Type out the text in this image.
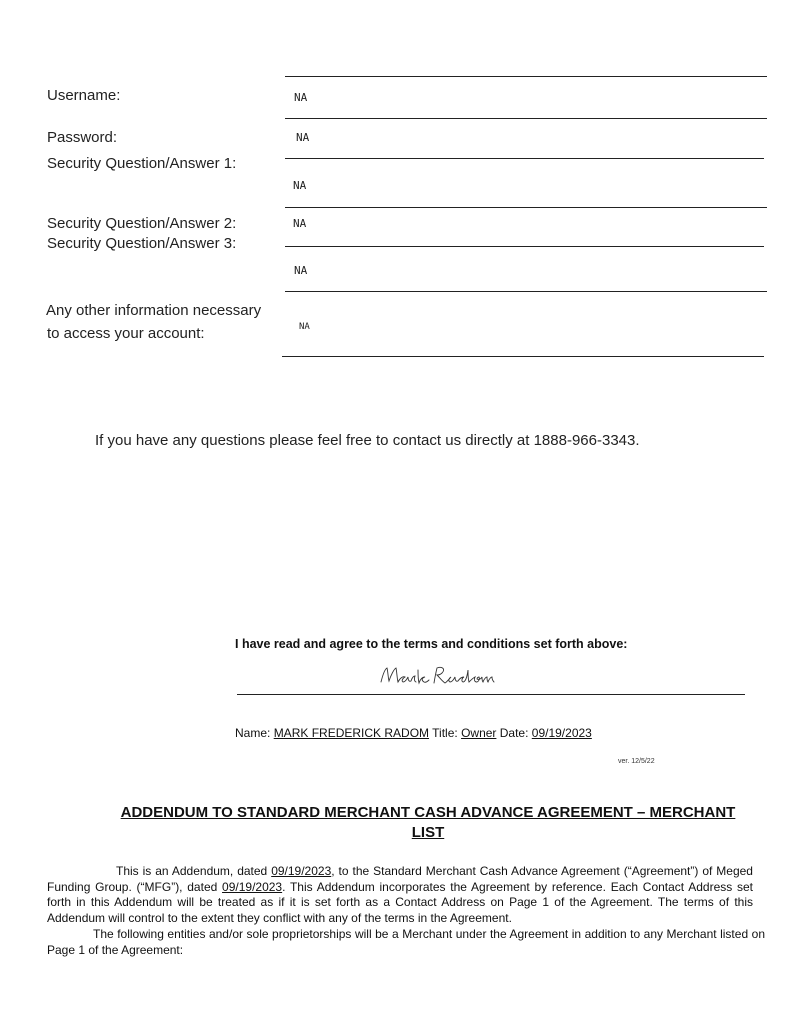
Username:	NA
Password:	NA
Security Question/Answer 1:
NA
Security Question/Answer 2:	NA
Security Question/Answer 3:
NA
Any other information necessary
to access your account:	NA
If you have any questions please feel free to contact us directly at 1888-966-3343.
I have read and agree to the terms and conditions set forth above:
Name: MARK FREDERICK RADOM Title: Owner Date: 09/19/2023
ver. 12/5/22
ADDENDUM TO STANDARD MERCHANT CASH ADVANCE AGREEMENT – MERCHANT
LIST
This is an Addendum, dated 09/19/2023, to the Standard Merchant Cash Advance Agreement (“Agreement”) of Meged Funding Group. (“MFG”), dated 09/19/2023. This Addendum incorporates the Agreement by reference. Each Contact Address set forth in this Addendum will be treated as if it is set forth as a Contact Address on Page 1 of the Agreement. The terms of this Addendum will control to the extent they conflict with any of the terms in the Agreement.
The following entities and/or sole proprietorships will be a Merchant under the Agreement in addition to any Merchant listed on Page 1 of the Agreement:
